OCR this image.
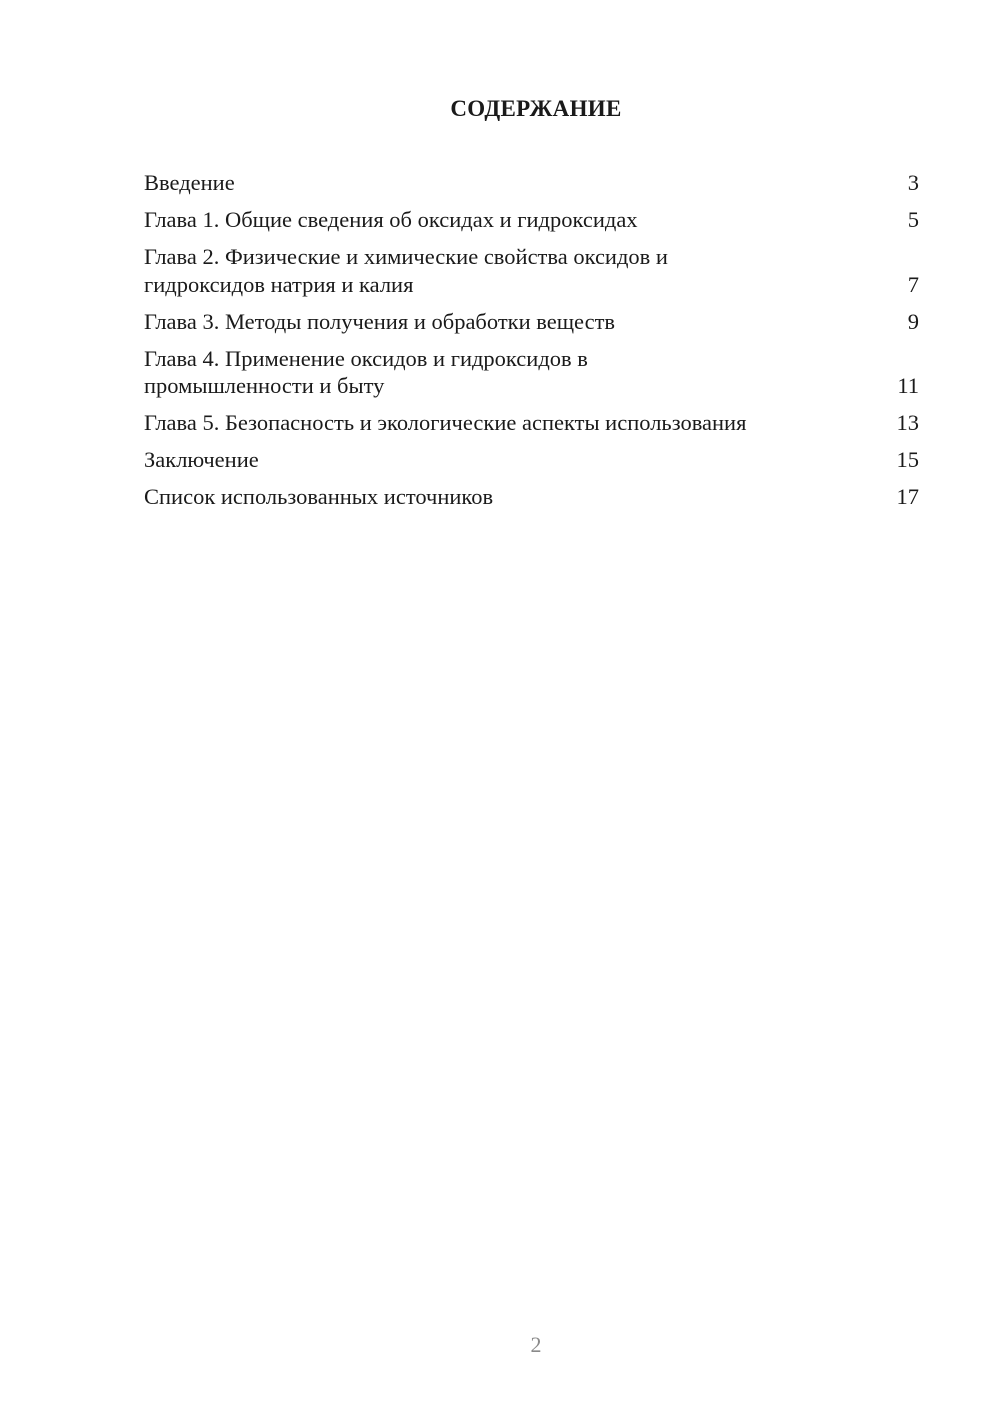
СОДЕРЖАНИЕ
Введение	3
Глава 1. Общие сведения об оксидах и гидроксидах	5
Глава 2. Физические и химические свойства оксидов и гидроксидов натрия и калия	7
Глава 3. Методы получения и обработки веществ	9
Глава 4. Применение оксидов и гидроксидов в промышленности и быту	11
Глава 5. Безопасность и экологические аспекты использования	13
Заключение	15
Список использованных источников	17
2
